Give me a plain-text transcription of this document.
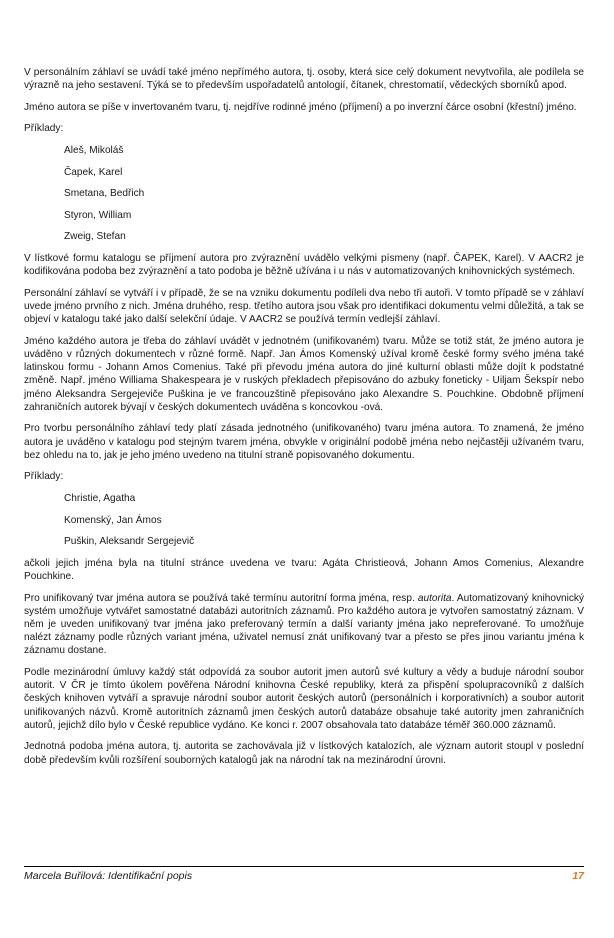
V personálním záhlaví se uvádí také jméno nepřímého autora, tj. osoby, která sice celý dokument nevytvořila, ale podílela se výrazně na jeho sestavení. Týká se to především uspořadatelů antologií, čítanek, chrestomatií, vědeckých sborníků apod.

Jméno autora se píše v invertovaném tvaru, tj. nejdříve rodinné jméno (příjmení) a po inverzní čárce osobní (křestní) jméno.

Příklady:

Aleš, Mikoláš

Čapek, Karel

Smetana, Bedřich

Styron, William

Zweig, Stefan

V lístkové formu katalogu se příjmení autora pro zvýraznění uvádělo velkými písmeny (např. ČAPEK, Karel). V AACR2 je kodifikována podoba bez zvýraznění a tato podoba je běžně užívána i u nás v automatizovaných knihovnických systémech.

Personální záhlaví se vytváří i v případě, že se na vzniku dokumentu podíleli dva nebo tři autoři. V tomto případě se v záhlaví uvede jméno prvního z nich. Jména druhého, resp. třetího autora jsou však pro identifikaci dokumentu velmi důležitá, a tak se objeví v katalogu také jako další selekční údaje. V AACR2 se používá termín vedlejší záhlaví.

Jméno každého autora je třeba do záhlaví uvádět v jednotném (unifikovaném) tvaru. Může se totiž stát, že jméno autora je uváděno v různých dokumentech v různé formě. Např. Jan Ámos Komenský užíval kromě české formy svého jména také latinskou formu - Johann Amos Comenius. Také při převodu jména autora do jiné kulturní oblasti může dojít k podstatné změně. Např. jméno Williama Shakespeara je v ruských překladech přepisováno do azbuky foneticky - Uiljam Šekspír nebo jméno Aleksandra Sergejeviče Puškina je ve francouzštině přepisováno jako Alexandre S. Pouchkine. Obdobně příjmení zahraničních autorek bývají v českých dokumentech uváděna s koncovkou -ová.

Pro tvorbu personálního záhlaví tedy platí zásada jednotného (unifikovaného) tvaru jména autora. To znamená, že jméno autora je uváděno v katalogu pod stejným tvarem jména, obvykle v originální podobě jména nebo nejčastěji užívaném tvaru, bez ohledu na to, jak je jeho jméno uvedeno na titulní straně popisovaného dokumentu.

Příklady:

Christie, Agatha

Komenský, Jan Ámos

Puškin, Aleksandr Sergejevič

ačkoli jejich jména byla na titulní stránce uvedena ve tvaru: Agáta Christieová, Johann Amos Comenius, Alexandre Pouchkine.

Pro unifikovaný tvar jména autora se používá také termínu autoritní forma jména, resp. autorita. Automatizovaný knihovnický systém umožňuje vytvářet samostatné databázi autoritních záznamů. Pro každého autora je vytvořen samostatný záznam. V něm je uveden unifikovaný tvar jména jako preferovaný termín a další varianty jména jako nepreferované. To umožňuje nalézt záznamy podle různých variant jména, uživatel nemusí znát unifikovaný tvar a přesto se přes jinou variantu jména k záznamu dostane.

Podle mezinárodní úmluvy každý stát odpovídá za soubor autorit jmen autorů své kultury a vědy a buduje národní soubor autorit. V ČR je tímto úkolem pověřena Národní knihovna České republiky, která za přispění spolupracovníků z dalších českých knihoven vytváří a spravuje národní soubor autorit českých autorů (personálních i korporativních) a soubor autorit unifikovaných názvů. Kromě autoritních záznamů jmen českých autorů databáze obsahuje také autority jmen zahraničních autorů, jejichž dílo bylo v České republice vydáno. Ke konci r. 2007 obsahovala tato databáze téměř 360.000 záznamů.

Jednotná podoba jména autora, tj. autorita se zachovávala již v lístkových katalozích, ale význam autorit stoupl v poslední době především kvůli rozšíření souborných katalogů jak na národní tak na mezinárodní úrovni.

Marcela Buřilová: Identifikační popis	17
